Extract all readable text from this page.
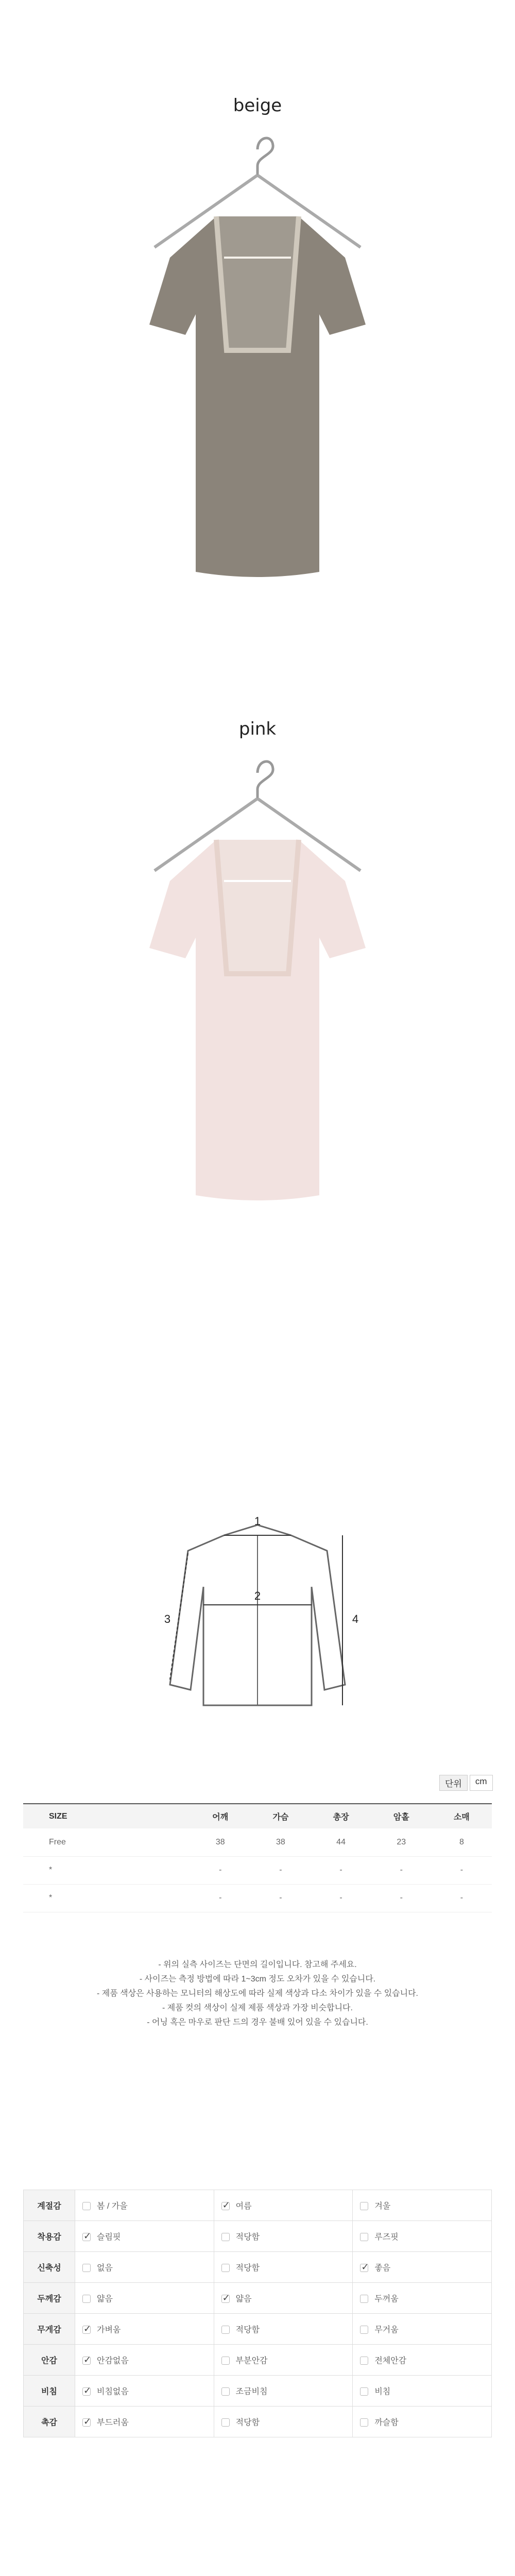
beige
pink
1
2
3	4
단위	cm
SIZE	어깨	가슴	총장	암홀	소매
Free	38	38	44	23	8
*	-	-	-	-	-
*	-	-	-	-	-
- 위의 실측 사이즈는 단면의 길이입니다. 참고해 주세요.
- 사이즈는 측정 방법에 따라 1~3cm 정도 오차가 있을 수 있습니다.
- 제품 색상은 사용하는 모니터의 해상도에 따라 실제 색상과 다소 차이가 있을 수 있습니다.
- 제품 컷의 색상이 실제 제품 색상과 가장 비슷합니다.
- 어닝 혹은 마우로 판단 드의 경우 불배 있어 있을 수 있습니다.
계절감	봄 / 가을	✓여름	겨울
착용감	✓슬림핏	적당함	루즈핏
신축성	없음	적당함	✓좋음
두께감	얇음	✓얇음	두꺼움
무게감	✓가벼움	적당함	무거움
안감	✓안감없음	부분안감	전체안감
비침	✓비침없음	조금비침	비침
촉감	✓부드러움	적당함	까슬함
